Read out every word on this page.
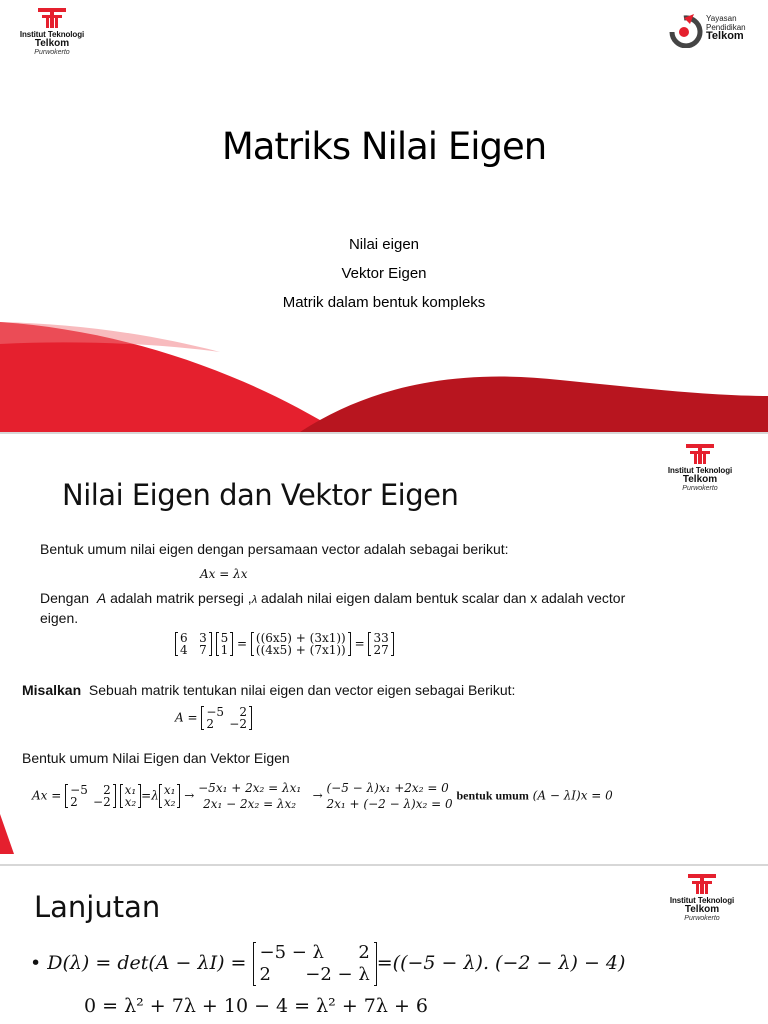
Institut Teknologi
Telkom
Purwokerto
Yayasan
Pendidikan
Telkom
Matriks Nilai Eigen
Nilai eigen
Vektor Eigen
Matrik dalam bentuk kompleks
Institut Teknologi
Telkom
Purwokerto
Nilai Eigen dan Vektor Eigen
Bentuk umum nilai eigen dengan persamaan vector adalah sebagai berikut:
Ax = λx
Dengan A adalah matrik persegi ,λ adalah nilai eigen dalam bentuk scalar dan x adalah vector
eigen.
6 3
4 7 5
1 = ((6x5) + (3x1))
((4x5) + (7x1)) = 33
27
Misalkan Sebuah matrik tentukan nilai eigen dan vector eigen sebagai Berikut:
A = −5 2
2 −2
Bentuk umum Nilai Eigen dan Vektor Eigen
Ax = −5 2
2 −2 x₁
x₂ =λ x₁
x₂ → −5x₁ + 2x₂ = λx₁
2x₁ − 2x₂ = λx₂   → (−5 − λ)x₁ +2x₂ = 0
2x₁ + (−2 − λ)x₂ = 0 bentuk umum (A − λI)x = 0
Institut Teknologi
Telkom
Purwokerto
Lanjutan
• D(λ) = det(A − λI) = −5 − λ 2
2 −2 − λ=((−5 − λ). (−2 − λ) − 4)
0 = λ² + 7λ + 10 − 4 = λ² + 7λ + 6
